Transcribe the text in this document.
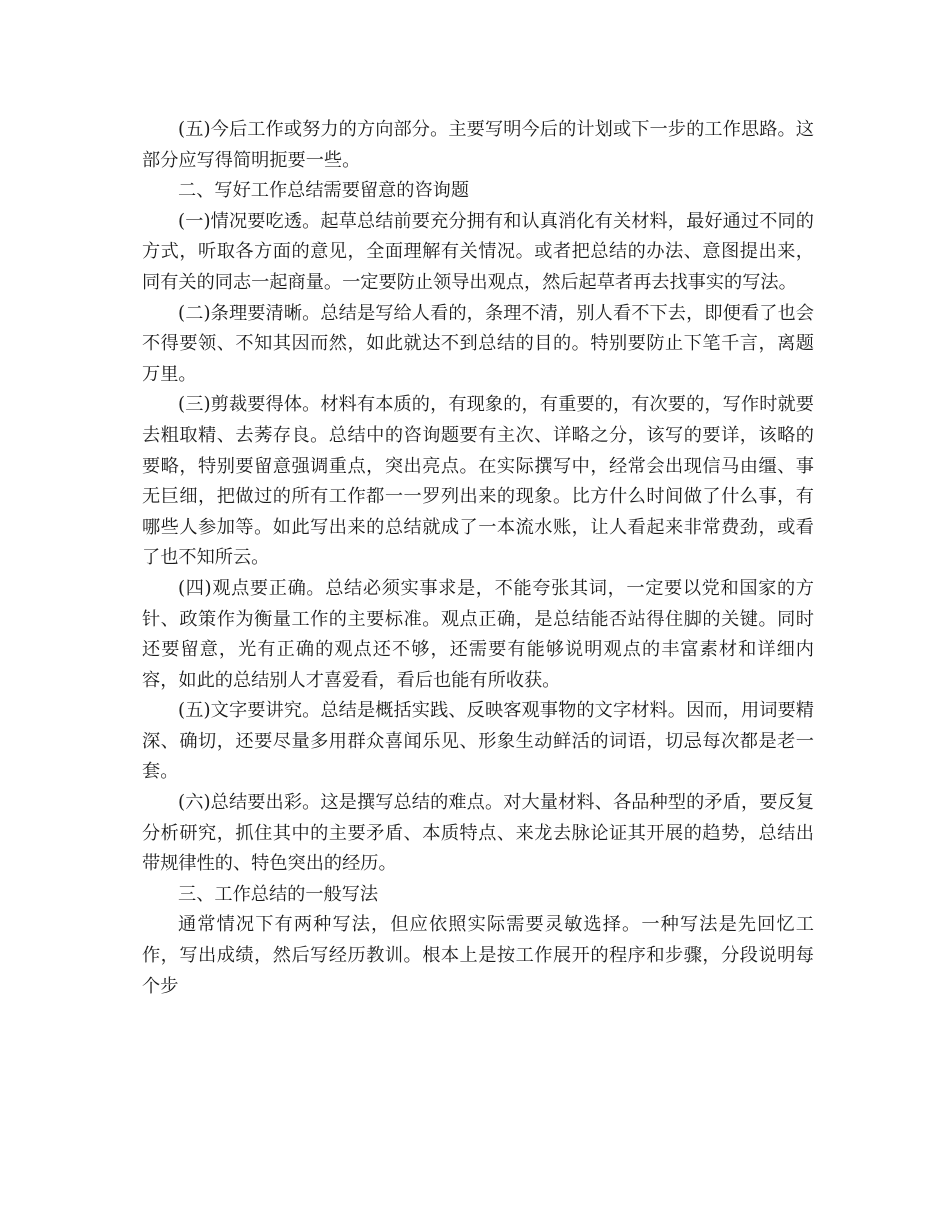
(五)今后工作或努力的方向部分。主要写明今后的计划或下一步的工作思路。这部分应写得简明扼要一些。

二、写好工作总结需要留意的咨询题

(一)情况要吃透。起草总结前要充分拥有和认真消化有关材料，最好通过不同的方式，听取各方面的意见，全面理解有关情况。或者把总结的办法、意图提出来，同有关的同志一起商量。一定要防止领导出观点，然后起草者再去找事实的写法。

(二)条理要清晰。总结是写给人看的，条理不清，别人看不下去，即便看了也会不得要领、不知其因而然，如此就达不到总结的目的。特别要防止下笔千言，离题万里。

(三)剪裁要得体。材料有本质的，有现象的，有重要的，有次要的，写作时就要去粗取精、去莠存良。总结中的咨询题要有主次、详略之分，该写的要详，该略的要略，特别要留意强调重点，突出亮点。在实际撰写中，经常会出现信马由缰、事无巨细，把做过的所有工作都一一罗列出来的现象。比方什么时间做了什么事，有哪些人参加等。如此写出来的总结就成了一本流水账，让人看起来非常费劲，或看了也不知所云。

(四)观点要正确。总结必须实事求是，不能夸张其词，一定要以党和国家的方针、政策作为衡量工作的主要标准。观点正确，是总结能否站得住脚的关键。同时还要留意，光有正确的观点还不够，还需要有能够说明观点的丰富素材和详细内容，如此的总结别人才喜爱看，看后也能有所收获。

(五)文字要讲究。总结是概括实践、反映客观事物的文字材料。因而，用词要精深、确切，还要尽量多用群众喜闻乐见、形象生动鲜活的词语，切忌每次都是老一套。

(六)总结要出彩。这是撰写总结的难点。对大量材料、各品种型的矛盾，要反复分析研究，抓住其中的主要矛盾、本质特点、来龙去脉论证其开展的趋势，总结出带规律性的、特色突出的经历。

三、工作总结的一般写法

通常情况下有两种写法，但应依照实际需要灵敏选择。一种写法是先回忆工作，写出成绩，然后写经历教训。根本上是按工作展开的程序和步骤，分段说明每个步
